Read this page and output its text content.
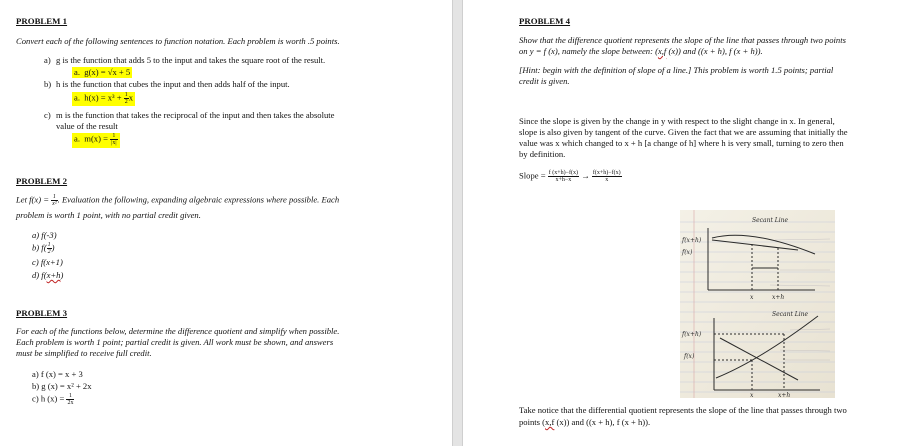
PROBLEM 1
Convert each of the following sentences to function notation. Each problem is worth .5 points.
a) g is the function that adds 5 to the input and takes the square root of the result.
a. g(x) = √x + 5
b) h is the function that cubes the input and then adds half of the input.
a. $h(x) = x^3 + \frac{1}{2}$ x
c) m is the function that takes the reciprocal of the input and then takes the absolute
value of the result
a. $m(x) = \frac{1}{|x|}$
PROBLEM 2
Let $f(x) = \frac{1}{\text{x²}}$ . Evaluation the following, expanding algebraic expressions where possible. Each
problem is worth 1 point, with no partial credit given.
a) f(-3)
b) $f( \frac{1}{2}$ )
c) f(x+1)
d) f(x+h)
PROBLEM 3
For each of the functions below, determine the difference quotient and simplify when possible.
Each problem is worth 1 point; partial credit is given. All work must be shown, and answers
must be simplified to receive full credit.
a) f (x) = x + 3
b) g (x) = x² + 2x
c) h $(x) = \frac{1}{2x}$
PROBLEM 4
Show that the difference quotient represents the slope of the line that passes through two points
on y = f (x), namely the slope between: (x,f (x)) and ((x + h), f (x + h)).
[Hint: begin with the definition of slope of a line.] This problem is worth 1.5 points; partial
credit is given.
Since the slope is given by the change in y with respect to the slight change in x. In general,
slope is also given by tangent of the curve. Given the fact that we are assuming that initially the
value was x which changed to x + h [a change of h] where h is very small, turning to zero then
by definition.
Slope = $\frac{f (x+h)-f(x)}{x+h-x} \to \frac{f(x+h)-f(x)}{x}$
Secant Line
f(x+h)
f(x)
x	x+h
Secant Line
f(x+h)
f(x)
x	x+h
Take notice that the differential quotient represents the slope of the line that passes through two
points (x,f (x)) and ((x + h), f (x + h)).
